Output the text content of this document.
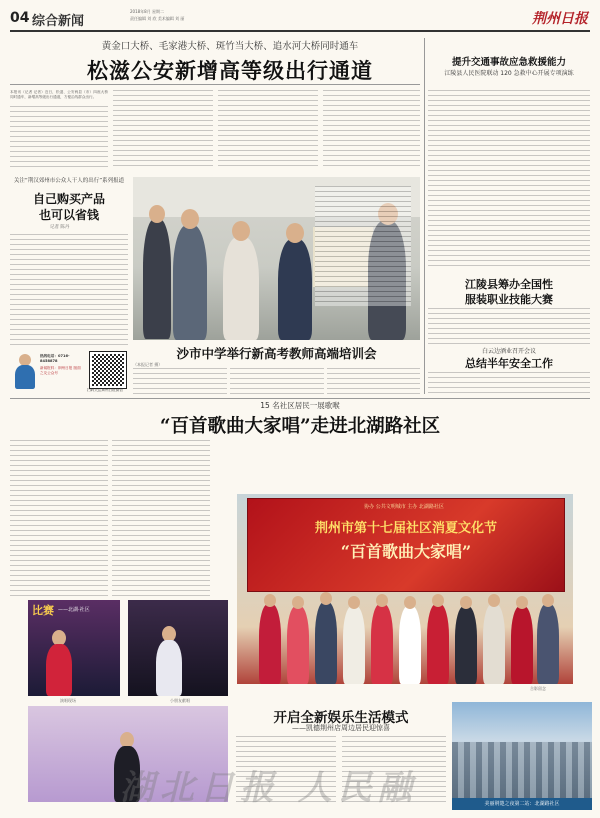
04 综合新闻
2018年8月 星期二
责任编辑 刘 欣 美术编辑 刘 丽	荆州日报
黄金口大桥、毛家港大桥、斑竹当大桥、追水河大桥同时通车
松滋公安新增高等级出行通道
本报讯（记者 记者）近日，松滋、公安两县（市）四座大桥同时通车，新增高等级出行通道，方便沿线群众出行。
关注“荆汉郊州市公众人干人的出行”系列报道
自己购买产品
也可以省钱
记者 陈丹
热线电话：0716-8458878
新闻报料：荆州日报 版面之友公众号
扫码关注荆州日报微信
沙市中学举行新高考教师高端培训会
（本报记者 摄）
提升交通事故应急救援能力
江陵县人民医院联动 120 急救中心开展专项演练
江陵县筹办全国性
服装职业技能大赛
白云边酒业召开会议
总结半年安全工作
15 名社区居民一展歌喉
“百首歌曲大家唱”走进北湖路社区
协办 公共文明城市 主办 北湖路社区
荆州市第十七届社区消夏文化节
“百首歌曲大家唱”
合影留念
比赛 ——北湖·社区
演唱现场	小朋友献唱
开启全新娱乐生活模式
——凯德荆州店周边居民迎惊喜
美丽荆楚之夜第二站：北湖路社区
湖北日报 人民融
